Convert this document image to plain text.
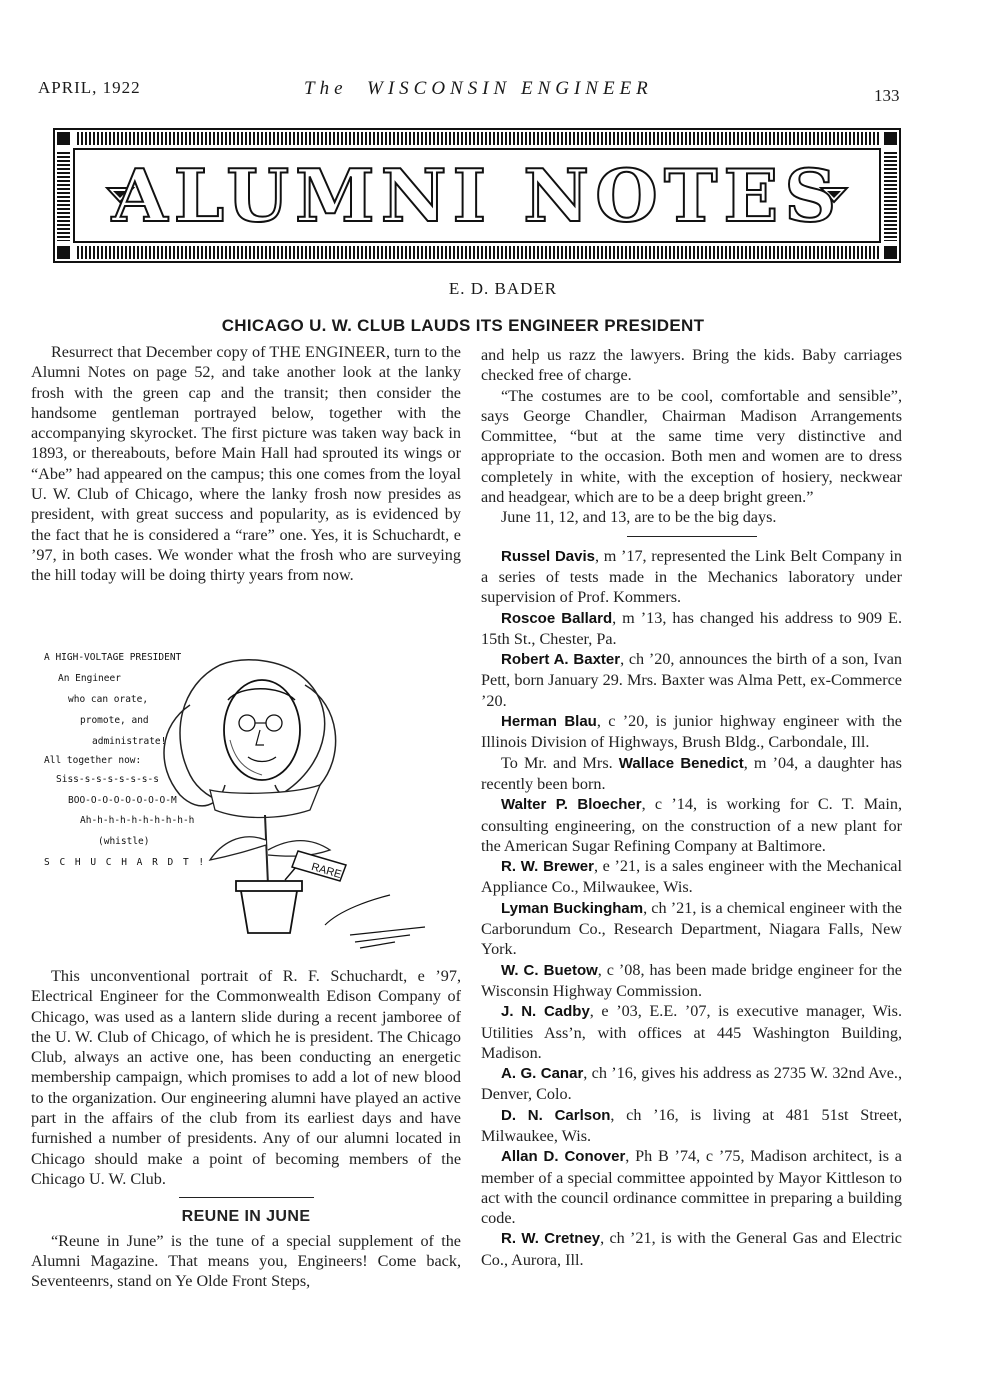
APRIL, 1922	The WISCONSIN ENGINEER	133
ALUMNI NOTES
E. D. BADER
CHICAGO U. W. CLUB LAUDS ITS ENGINEER PRESIDENT

Resurrect that December copy of THE ENGINEER, turn to the Alumni Notes on page 52, and take another look at the lanky frosh with the green cap and the transit; then consider the handsome gentleman portrayed below, together with the accompanying skyrocket. The first picture was taken way back in 1893, or thereabouts, before Main Hall had sprouted its wings or “Abe” had appeared on the campus; this one comes from the loyal U. W. Club of Chicago, where the lanky frosh now presides as president, with great success and popularity, as is evidenced by the fact that he is considered a “rare” one. Yes, it is Schuchardt, e ’97, in both cases. We wonder what the frosh who are surveying the hill today will be doing thirty years from now.

A HIGH-VOLTAGE PRESIDENT
An Engineer
who can orate,
promote, and
administrate!
All together now:
Siss-s-s-s-s-s-s-s
BOO-O-O-O-O-O-O-O-M
Ah-h-h-h-h-h-h-h-h-h
(whistle)
S C H U C H A R D T !	RARE

This unconventional portrait of R. F. Schuchardt, e ’97, Electrical Engineer for the Commonwealth Edison Company of Chicago, was used as a lantern slide during a recent jamboree of the U. W. Club of Chicago, of which he is president. The Chicago Club, always an active one, has been conducting an energetic membership campaign, which promises to add a lot of new blood to the organization. Our engineering alumni have played an active part in the affairs of the club from its earliest days and have furnished a number of presidents. Any of our alumni located in Chicago should make a point of becoming members of the Chicago U. W. Club.

REUNE IN JUNE

“Reune in June” is the tune of a special supplement of the Alumni Magazine. That means you, Engineers! Come back, Seventeenrs, stand on Ye Olde Front Steps,

and help us razz the lawyers. Bring the kids. Baby carriages checked free of charge.

“The costumes are to be cool, comfortable and sensible”, says George Chandler, Chairman Madison Arrangements Committee, “but at the same time very distinctive and appropriate to the occasion. Both men and women are to dress completely in white, with the exception of hosiery, neckwear and headgear, which are to be a deep bright green.”

June 11, 12, and 13, are to be the big days.

Russel Davis, m ’17, represented the Link Belt Company in a series of tests made in the Mechanics laboratory under supervision of Prof. Kommers.

Roscoe Ballard, m ’13, has changed his address to 909 E. 15th St., Chester, Pa.

Robert A. Baxter, ch ’20, announces the birth of a son, Ivan Pett, born January 29. Mrs. Baxter was Alma Pett, ex-Commerce ’20.

Herman Blau, c ’20, is junior highway engineer with the Illinois Division of Highways, Brush Bldg., Carbondale, Ill.

To Mr. and Mrs. Wallace Benedict, m ’04, a daughter has recently been born.

Walter P. Bloecher, c ’14, is working for C. T. Main, consulting engineering, on the construction of a new plant for the American Sugar Refining Company at Baltimore.

R. W. Brewer, e ’21, is a sales engineer with the Mechanical Appliance Co., Milwaukee, Wis.

Lyman Buckingham, ch ’21, is a chemical engineer with the Carborundum Co., Research Department, Niagara Falls, New York.

W. C. Buetow, c ’08, has been made bridge engineer for the Wisconsin Highway Commission.

J. N. Cadby, e ’03, E.E. ’07, is executive manager, Wis. Utilities Ass’n, with offices at 445 Washington Building, Madison.

A. G. Canar, ch ’16, gives his address as 2735 W. 32nd Ave., Denver, Colo.

D. N. Carlson, ch ’16, is living at 481 51st Street, Milwaukee, Wis.

Allan D. Conover, Ph B ’74, c ’75, Madison architect, is a member of a special committee appointed by Mayor Kittleson to act with the council ordinance committee in preparing a building code.

R. W. Cretney, ch ’21, is with the General Gas and Electric Co., Aurora, Ill.
